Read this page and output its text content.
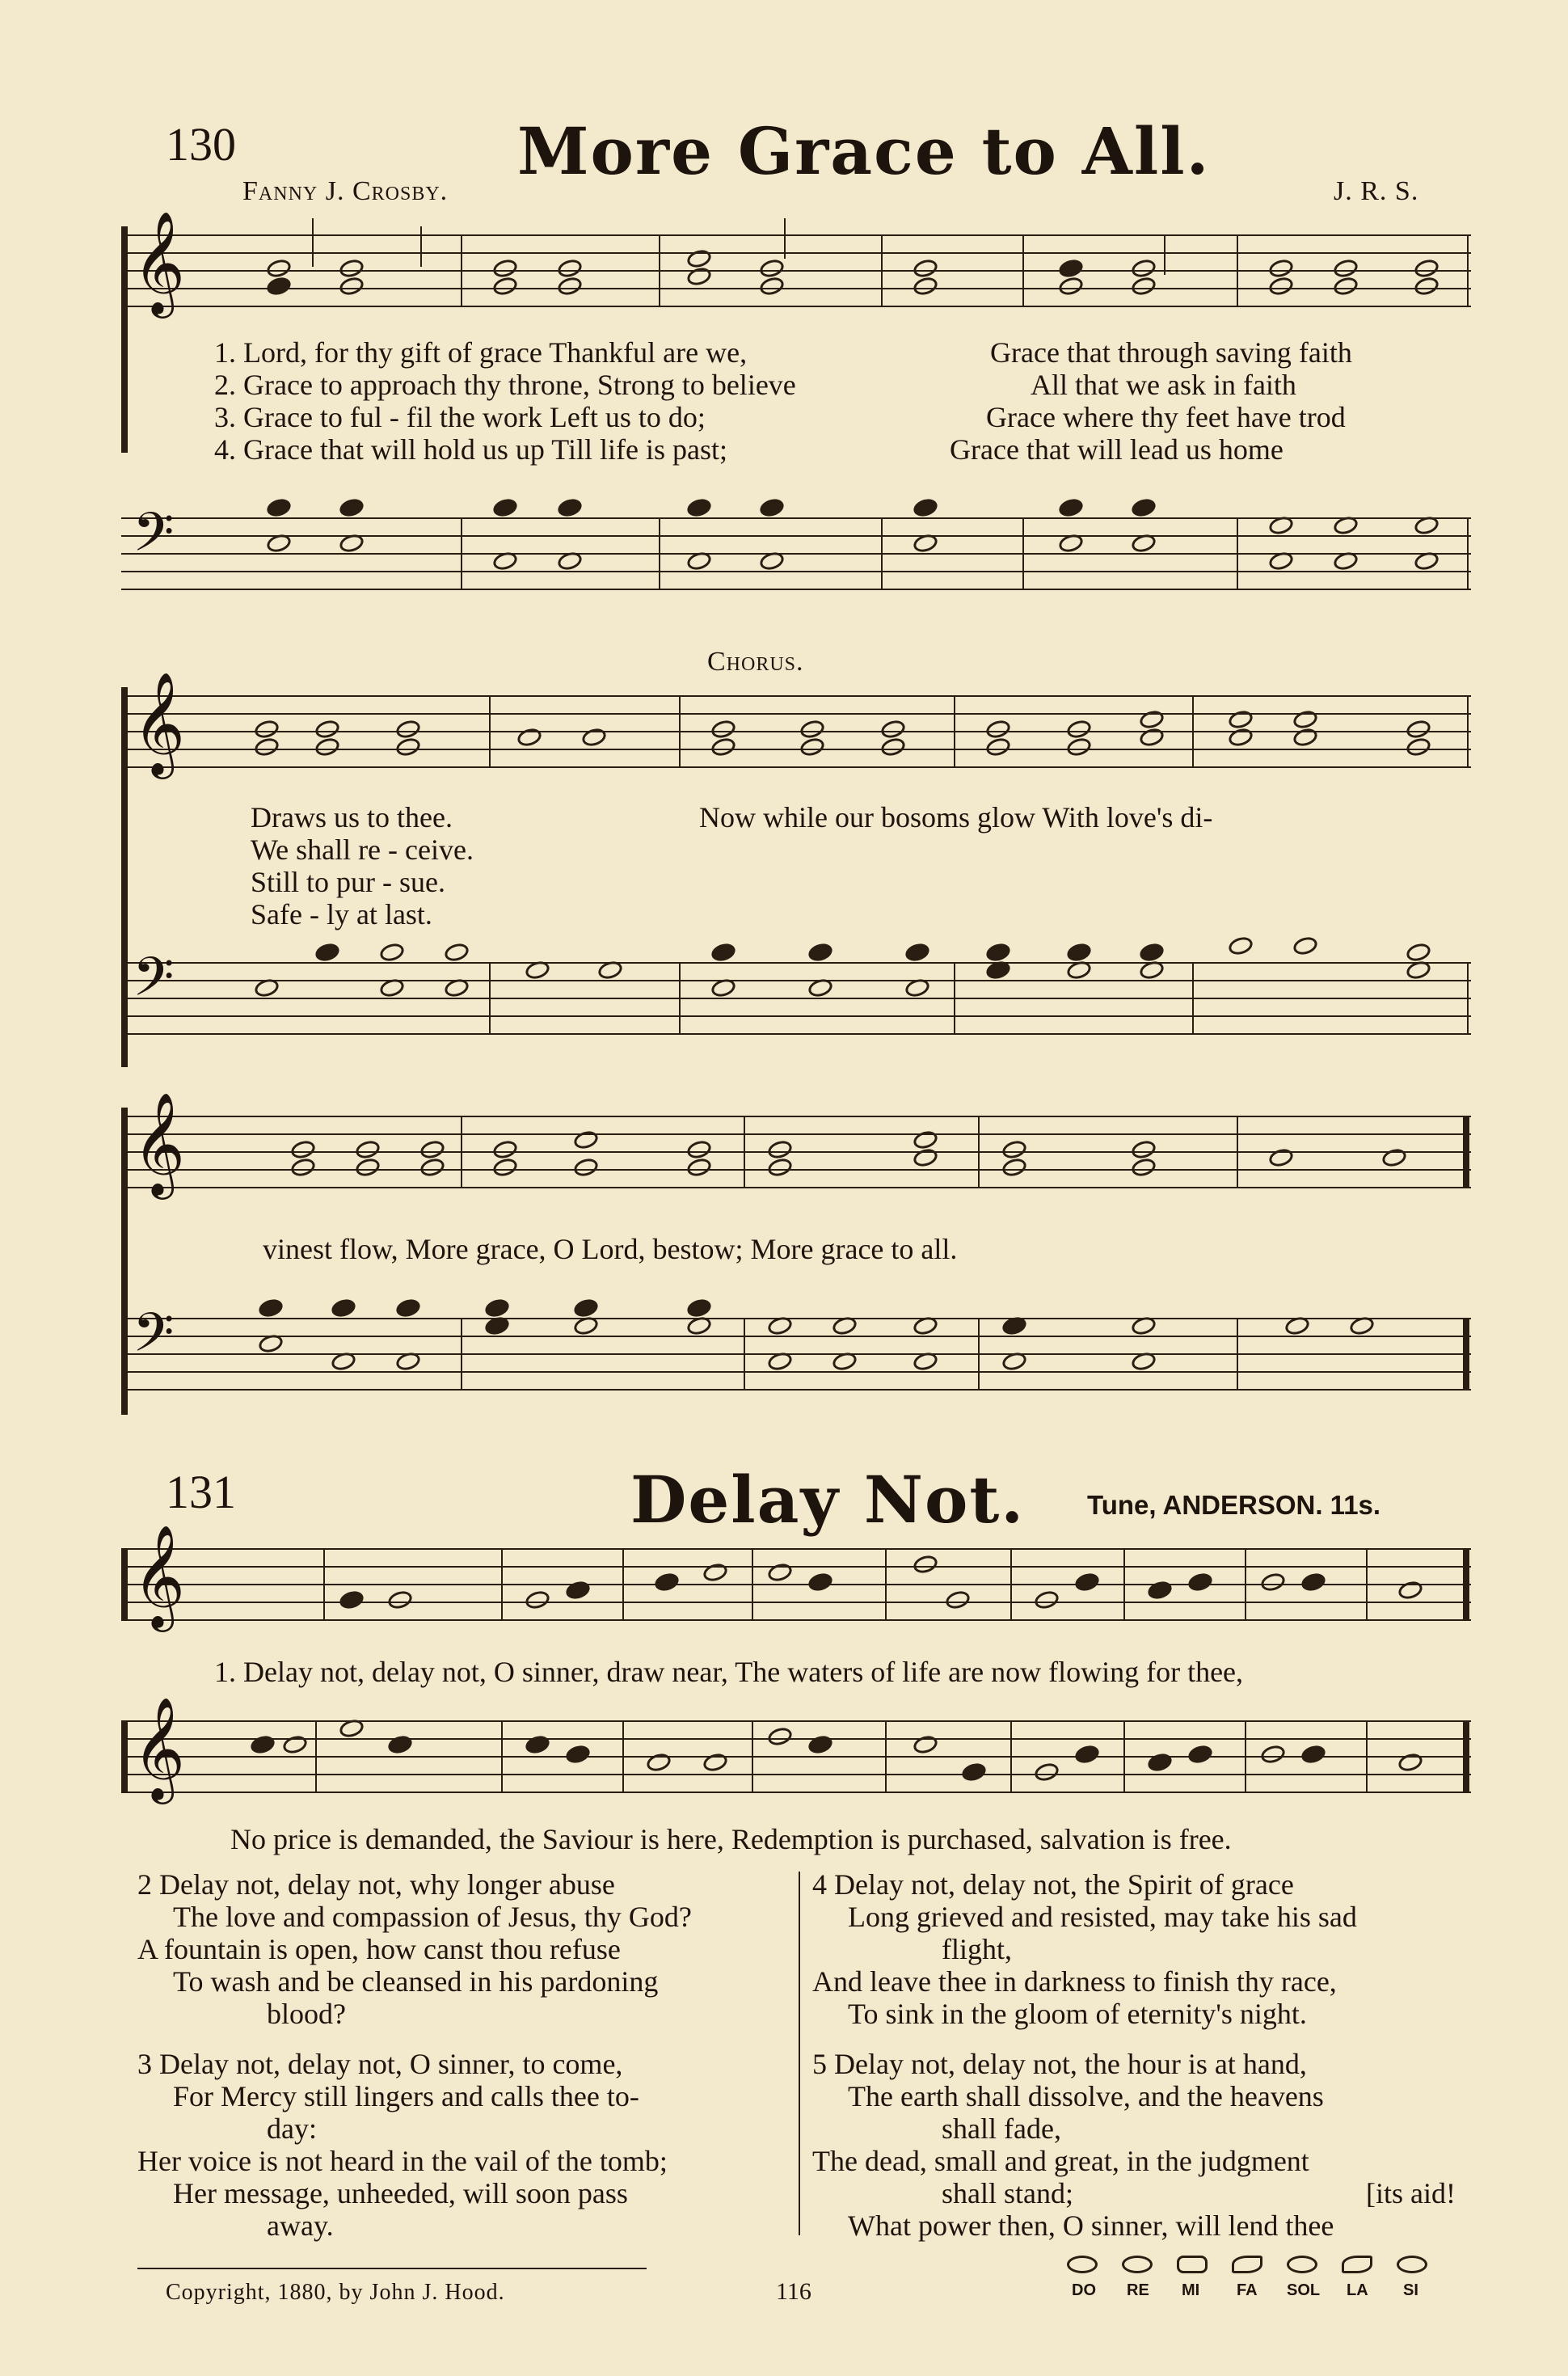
130	More Grace to All.
Fanny J. Crosby.	J. R. S.
𝄞
1. Lord, for thy gift of grace Thankful are we,	Grace that through saving faith
2. Grace to approach thy throne, Strong to believe	All that we ask in faith
3. Grace to ful - fil the work Left us to do;	Grace where thy feet have trod
4. Grace that will hold us up Till life is past;	Grace that will lead us home
𝄢
Chorus.
𝄞
Draws us to thee.	Now while our bosoms glow With love's di-
We shall re - ceive.
Still to pur - sue.
Safe - ly at last.
𝄢
𝄞
vinest flow, More grace, O Lord, bestow; More grace to all.
𝄢
131	Delay Not. Tune, ANDERSON. 11s.
𝄞
1. Delay not, delay not, O sinner, draw near, The waters of life are now flowing for thee,
𝄞
No price is demanded, the Saviour is here, Redemption is purchased, salvation is free.
2 Delay not, delay not, why longer abuse
The love and compassion of Jesus, thy God?
A fountain is open, how canst thou refuse
To wash and be cleansed in his pardoning
blood?
3 Delay not, delay not, O sinner, to come,
For Mercy still lingers and calls thee to-
day:
Her voice is not heard in the vail of the tomb;
Her message, unheeded, will soon pass
away.
4 Delay not, delay not, the Spirit of grace
Long grieved and resisted, may take his sad
flight,
And leave thee in darkness to finish thy race,
To sink in the gloom of eternity's night.
5 Delay not, delay not, the hour is at hand,
The earth shall dissolve, and the heavens
shall fade,
The dead, small and great, in the judgment
shall stand;	[its aid!
What power then, O sinner, will lend thee
Copyright, 1880, by John J. Hood.	116	DO RE MI FA SOL LA SI
